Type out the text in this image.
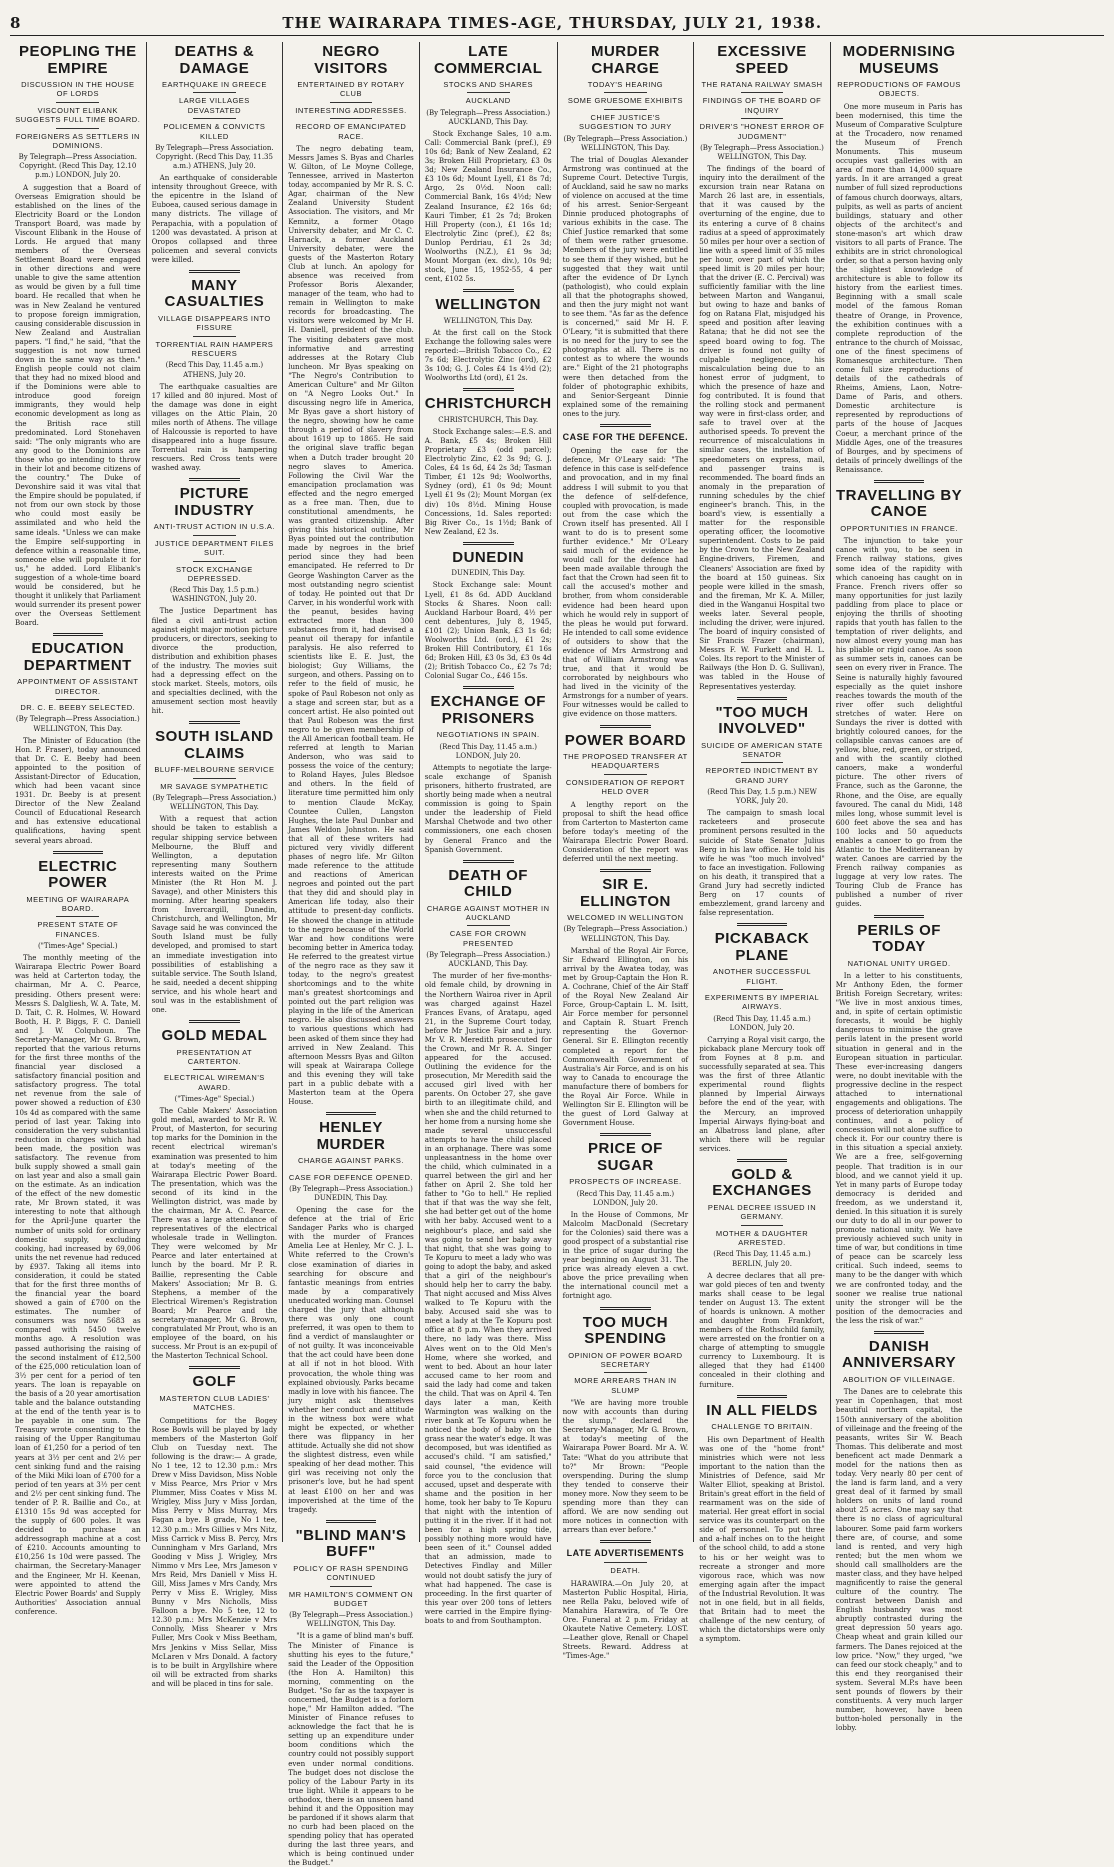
8	THE WAIRARAPA TIMES-AGE, THURSDAY, JULY 21, 1938.
PEOPLING THE EMPIRE
DISCUSSION IN THE HOUSE OF LORDS
VISCOUNT ELIBANK SUGGESTS FULL TIME BOARD.
FOREIGNERS AS SETTLERS IN DOMINIONS.
By Telegraph—Press Association. Copyright. (Recd This Day, 12.10 p.m.) LONDON, July 20.

A suggestion that a Board of Overseas Emigration should be established on the lines of the Electricity Board or the London Transport Board, was made by Viscount Elibank in the House of Lords. He argued that many members of the Overseas Settlement Board were engaged in other directions and were unable to give the same attention as would be given by a full time board. He recalled that when he was in New Zealand he ventured to propose foreign immigration, causing considerable discussion in New Zealand and Australian papers. "I find," he said, "that the suggestion is not now turned down in the same way as then." English people could not claim that they had no mixed blood and if the Dominions were able to introduce good foreign immigrants, they would help economic development as long as the British race still predominated. Lord Stonehaven said: "The only migrants who are any good to the Dominions are those who go intending to throw in their lot and become citizens of the country." The Duke of Devonshire said it was vital that the Empire should be populated, if not from our own stock by those who could most easily be assimilated and who held the same ideals. "Unless we can make the Empire self-supporting in defence within a reasonable time, someone else will populate it for us," he added. Lord Elibank's suggestion of a whole-time board would be considered, but he thought it unlikely that Parliament would surrender its present power over the Overseas Settlement Board.

EDUCATION DEPARTMENT
APPOINTMENT OF ASSISTANT DIRECTOR.
DR. C. E. BEEBY SELECTED.
(By Telegraph—Press Association.) WELLINGTON, This Day.

The Minister of Education (the Hon. P. Fraser), today announced that Dr. C. E. Beeby had been appointed to the position of Assistant-Director of Education, which had been vacant since 1931. Dr. Beeby is at present Director of the New Zealand Council of Educational Research and has extensive educational qualifications, having spent several years abroad.

ELECTRIC POWER
MEETING OF WAIRARAPA BOARD.
PRESENT STATE OF FINANCES.
("Times-Age" Special.)

The monthly meeting of the Wairarapa Electric Power Board was held at Carterton today, the chairman, Mr A. C. Pearce, presiding. Others present were: Messrs S. Dalgliesh, W. A. Tate, M. D. Tait, C. R. Holmes, W. Howard Booth, H. P. Biggs, F. C. Daniell and J. W. Colquhoun. The Secretary-Manager, Mr G. Brown, reported that the various returns for the first three months of the financial year disclosed a satisfactory financial position and satisfactory progress. The total net revenue from the sale of power showed a reduction of £30 10s 4d as compared with the same period of last year. Taking into consideration the very substantial reduction in charges which had been made, the position was satisfactory. The revenue from bulk supply showed a small gain on last year and also a small gain on the estimate. As an indication of the effect of the new domestic rate, Mr Brown stated, it was interesting to note that although for the April-June quarter the number of units sold for ordinary domestic supply, excluding cooking, had increased by 69,006 units the net revenue had reduced by £937. Taking all items into consideration, it could be stated that for the first three months of the financial year the board showed a gain of £700 on the estimates. The number of consumers was now 5683 as compared with 5450 twelve months ago. A resolution was passed authorising the raising of the second instalment of £12,500 of the £25,000 reticulation loan of 3½ per cent for a period of ten years. The loan is repayable on the basis of a 20 year amortisation table and the balance outstanding at the end of the tenth year is to be payable in one sum. The Treasury wrote consenting to the raising of the Upper Rangitumau loan of £1,250 for a period of ten years at 3½ per cent and 2½ per cent sinking fund and the raising of the Miki Miki loan of £700 for a period of ten years at 3½ per cent and 2½ per cent sinking fund. The tender of P. R. Baillie and Co., at £1310 15s 9d was accepted for the supply of 600 poles. It was decided to purchase an addressograph machine at a cost of £210. Accounts amounting to £10,256 1s 10d were passed. The chairman, the Secretary-Manager and the Engineer, Mr H. Keenan, were appointed to attend the Electric Power Boards' and Supply Authorities' Association annual conference.

DEATHS & DAMAGE
EARTHQUAKE IN GREECE
LARGE VILLAGES DEVASTATED
POLICEMEN & CONVICTS KILLED
By Telegraph—Press Association. Copyright. (Recd This Day, 11.35 a.m.) ATHENS, July 20.

An earthquake of considerable intensity throughout Greece, with the epicentre in the Island of Euboea, caused serious damage in many districts. The village of Perapachia, with a population of 1200 was devastated. A prison at Oropos collapsed and three policemen and several convicts were killed.

MANY CASUALTIES
VILLAGE DISAPPEARS INTO FISSURE
TORRENTIAL RAIN HAMPERS RESCUERS
(Recd This Day, 11.45 a.m.) ATHENS, July 20.

The earthquake casualties are 17 killed and 80 injured. Most of the damage was done in eight villages on the Attic Plain, 20 miles north of Athens. The village of Halcoussie is reported to have disappeared into a huge fissure. Torrential rain is hampering rescuers. Red Cross tents were washed away.

PICTURE INDUSTRY
ANTI-TRUST ACTION IN U.S.A.
JUSTICE DEPARTMENT FILES SUIT.
STOCK EXCHANGE DEPRESSED.
(Recd This Day, 1.5 p.m.) WASHINGTON, July 20.

The Justice Department has filed a civil anti-trust action against eight major motion picture producers, or directors, seeking to divorce the production, distribution and exhibition phases of the industry. The movies suit had a depressing effect on the stock market. Steels, motors, oils and specialties declined, with the amusement section most heavily hit.

SOUTH ISLAND CLAIMS
BLUFF-MELBOURNE SERVICE
MR SAVAGE SYMPATHETIC
(By Telegraph—Press Association.) WELLINGTON, This Day.

With a request that action should be taken to establish a regular shipping service between Melbourne, the Bluff and Wellington, a deputation representing many Southern interests waited on the Prime Minister (the Rt Hon M. J. Savage), and other Ministers this morning. After hearing speakers from Invercargill, Dunedin, Christchurch, and Wellington, Mr Savage said he was convinced the South Island must be fully developed, and promised to start an immediate investigation into possibilities of establishing a suitable service. The South Island, he said, needed a decent shipping service, and his whole heart and soul was in the establishment of one.

GOLD MEDAL
PRESENTATION AT CARTERTON.
ELECTRICAL WIREMAN'S AWARD.
("Times-Age" Special.)

The Cable Makers' Association gold medal, awarded to Mr R. W. Prout, of Masterton, for securing top marks for the Dominion in the recent electrical wireman's examination was presented to him at today's meeting of the Wairarapa Electric Power Board. The presentation, which was the second of its kind in the Wellington district, was made by the chairman, Mr A. C. Pearce. There was a large attendance of representatives of the electrical wholesale trade in Wellington. They were welcomed by Mr Pearce and later entertained at lunch by the board. Mr P. R. Baillie, representing the Cable Makers' Association; Mr B. G. Stephens, a member of the Electrical Wiremen's Registration Board; Mr Pearce and the secretary-manager, Mr G. Brown, congratulated Mr Prout, who is an employee of the board, on his success. Mr Prout is an ex-pupil of the Masterton Technical School.

GOLF
MASTERTON CLUB LADIES' MATCHES.

Competitions for the Bogey Rose Bowls will be played by lady members of the Masterton Golf Club on Tuesday next. The following is the draw:— A grade, No 1 tee, 12 to 12.30 p.m.: Mrs Drew v Miss Davidson, Miss Noble v Miss Pearce, Mrs Prior v Mrs Plummer, Miss Coates v Miss M. Wrigley, Miss Jury v Miss Jordan, Miss Perry v Miss Murray, Mrs Fagan a bye. B grade, No 1 tee, 12.30 p.m.: Mrs Gillies v Mrs Nitz, Miss Carrick v Miss B. Percy, Mrs Cunningham v Mrs Garland, Mrs Gooding v Miss J. Wrigley, Mrs Nimmo v Mrs Lee, Mrs Jameson v Mrs Reid, Mrs Daniell v Miss H. Gill, Miss James v Mrs Candy, Mrs Perry v Miss E. Wrigley, Miss Bunny v Mrs Nicholls, Miss Falloon a bye. No 5 tee, 12 to 12.30 p.m.: Mrs McKenzie v Mrs Connolly, Miss Shearer v Mrs Fuller, Mrs Cook v Miss Beetham, Mrs Jenkins v Miss Sellar, Miss McLaren v Mrs Donald. A factory is to be built in Argyllshire where oil will be extracted from sharks and will be placed in tins for sale.

NEGRO VISITORS
ENTERTAINED BY ROTARY CLUB
INTERESTING ADDRESSES.
RECORD OF EMANCIPATED RACE.

The negro debating team, Messrs James S. Byas and Charles W. Gilton, of Le Moyne College, Tennessee, arrived in Masterton today, accompanied by Mr R. S. C. Agar, chairman of the New Zealand University Student Association. The visitors, and Mr Kemnitz, a former Otago University debater, and Mr C. C. Harnack, a former Auckland University debater, were the guests of the Masterton Rotary Club at lunch. An apology for absence was received from Professor Boris Alexander, manager of the team, who had to remain in Wellington to make records for broadcasting. The visitors were welcomed by Mr H. H. Daniell, president of the club. The visiting debaters gave most informative and arresting addresses at the Rotary Club luncheon. Mr Byas speaking on "The Negro's Contribution to American Culture" and Mr Gilton on "A Negro Looks Out." In discussing negro life in America, Mr Byas gave a short history of the negro, showing how he came through a period of slavery from about 1619 up to 1865. He said the original slave traffic began when a Dutch trader brought 20 negro slaves to America. Following the Civil War the emancipation proclamation was effected and the negro emerged as a free man. Then, due to constitutional amendments, he was granted citizenship. After giving this historical outline, Mr Byas pointed out the contribution made by negroes in the brief period since they had been emancipated. He referred to Dr George Washington Carver as the most outstanding negro scientist of today. He pointed out that Dr Carver, in his wonderful work with the peanut, besides having extracted more than 300 substances from it, had devised a peanut oil therapy for infantile paralysis. He also referred to scientists like E. E. Just, the biologist; Guy Williams, the surgeon, and others. Passing on to refer to the field of music, he spoke of Paul Robeson not only as a stage and screen star, but as a concert artist. He also pointed out that Paul Robeson was the first negro to be given membership of the All American football team. He referred at length to Marian Anderson, who was said to possess the voice of the century; to Roland Hayes, Jules Bledsoe and others. In the field of literature time permitted him only to mention Claude McKay, Countee Cullen, Langston Hughes, the late Paul Dunbar and James Weldon Johnston. He said that all of these writers had pictured very vividly different phases of negro life. Mr Gilton made reference to the attitude and reactions of American negroes and pointed out the part that they did and should play in American life today, also their attitude to present-day conflicts. He showed the change in attitude to the negro because of the World War and how conditions were becoming better in America today. He referred to the greatest virtue of the negro race as they saw it today, to the negro's greatest shortcomings and to the white man's greatest shortcomings and pointed out the part religion was playing in the life of the American negro. He also discussed answers to various questions which had been asked of them since they had arrived in New Zealand. This afternoon Messrs Byas and Gilton will speak at Wairarapa College and this evening they will take part in a public debate with a Masterton team at the Opera House.

HENLEY MURDER
CHARGE AGAINST PARKS.
CASE FOR DEFENCE OPENED.
(By Telegraph—Press Association.) DUNEDIN, This Day.

Opening the case for the defence at the trial of Eric Sandager Parks who is charged with the murder of Frances Amelia Lee at Henley, Mr C. J. L. White referred to the Crown's close examination of diaries in searching for obscure and fantastic meanings from entries made by a comparatively uneducated working man. Counsel charged the jury that although there was only one count preferred, it was open to them to find a verdict of manslaughter or of not guilty. It was inconceivable that the act could have been done at all if not in hot blood. With provocation, the whole thing was explained obviously. Parks became madly in love with his fiancee. The jury might ask themselves whether her conduct and attitude in the witness box were what might be expected, or whether there was flippancy in her attitude. Actually she did not show the slightest distress, even while speaking of her dead mother. This girl was receiving not only the prisoner's love, but he had spent at least £100 on her and was impoverished at the time of the tragedy.

"BLIND MAN'S BUFF"
POLICY OF RASH SPENDING CONTINUED
MR HAMILTON'S COMMENT ON BUDGET
(By Telegraph—Press Association.) WELLINGTON, This Day.

"It is a game of blind man's buff. The Minister of Finance is shutting his eyes to the future," said the Leader of the Opposition (the Hon A. Hamilton) this morning, commenting on the Budget. "So far as the taxpayer is concerned, the Budget is a forlorn hope," Mr Hamilton added. "The Minister of Finance refuses to acknowledge the fact that he is setting up an expenditure under boom conditions which the country could not possibly support even under normal conditions. The budget does not disclose the policy of the Labour Party in its true light. While it appears to be orthodox, there is an unseen hand behind it and the Opposition may be pardoned if it shows alarm that no curb had been placed on the spending policy that has operated during the last three years, and which is being continued under the Budget."

LATE COMMERCIAL
STOCKS AND SHARES
AUCKLAND
(By Telegraph—Press Association.) AUCKLAND, This Day.

Stock Exchange Sales, 10 a.m. Call: Commercial Bank (pref.), £9 10s 6d; Bank of New Zealand, £2 3s; Broken Hill Proprietary, £3 0s 3d; New Zealand Insurance Co., £3 10s 6d; Mount Lyell, £1 8s 7d; Argo, 2s 0½d. Noon call: Commercial Bank, 16s 4½d; New Zealand Insurance, £2 16s 6d; Kauri Timber, £1 2s 7d; Broken Hill Property (con.), £1 16s 1d; Electrolytic Zinc (pref.), £2 8s; Dunlop Perdriau, £1 2s 3d; Woolworths (N.Z.), £1 9s 3d; Mount Morgan (ex. div.), 10s 9d; stock, June 15, 1952-55, 4 per cent, £102 5s.

WELLINGTON
WELLINGTON, This Day.

At the first call on the Stock Exchange the following sales were reported:—British Tobacco Co., £2 7s 6d; Electrolytic Zinc (ord), £2 3s 10d; G. J. Coles £4 1s 4½d (2); Woolworths Ltd (ord), £1 2s.

CHRISTCHURCH
CHRISTCHURCH, This Day.

Stock Exchange sales:—E.S. and A. Bank, £5 4s; Broken Hill Proprietary £3 (odd parcel); Electrolytic Zinc, £2 3s 9d; G. J. Coles, £4 1s 6d, £4 2s 3d; Tasman Timber, £1 12s 9d; Woolworths, Sydney (ord), £1 0s 9d; Mount Lyell £1 9s (2); Mount Morgan (ex div) 10s 8½d. Mining House Concessions, 1d. Sales reported: Big River Co., 1s 1½d; Bank of New Zealand, £2 3s.

DUNEDIN
DUNEDIN, This Day.

Stock Exchange sale: Mount Lyell, £1 8s 6d. ADD Auckland Stocks & Shares. Noon call: Auckland Harbour Board, 4½ per cent debentures, July 8, 1945, £101 (2); Union Bank, £3 1s 6d; Woolworths Ltd. (ord.), £1 2s; Broken Hill Contributory, £1 16s 6d; Broken Hill, £3 0s 3d, £3 0s 4d (2); British Tobacco Co., £2 7s 7d; Colonial Sugar Co., £46 15s.

EXCHANGE OF PRISONERS
NEGOTIATIONS IN SPAIN.
(Recd This Day, 11.45 a.m.) LONDON, July 20.

Attempts to negotiate the large-scale exchange of Spanish prisoners, hitherto frustrated, are shortly being made when a neutral commission is going to Spain under the leadership of Field Marshal Chetwode and two other commissioners, one each chosen by General Franco and the Spanish Government.

DEATH OF CHILD
CHARGE AGAINST MOTHER IN AUCKLAND
CASE FOR CROWN PRESENTED
(By Telegraph—Press Association.) AUCKLAND, This Day.

The murder of her five-months-old female child, by drowning in the Northern Wairoa river in April was charged against Hazel Frances Evans, of Aratapu, aged 21, in the Supreme Court today, before Mr Justice Fair and a jury. Mr V. R. Meredith prosecuted for the Crown, and Mr R. A. Singer appeared for the accused. Outlining the evidence for the prosecution, Mr Meredith said the accused girl lived with her parents. On October 27, she gave birth to an illegitimate child, and when she and the child returned to her home from a nursing home she made several unsuccessful attempts to have the child placed in an orphanage. There was some unpleasantness in the home over the child, which culminated in a quarrel between the girl and her father on April 2. She told her father to "Go to hell." He replied that if that was the way she felt, she had better get out of the home with her baby. Accused went to a neighbour's place, and said she was going to send her baby away that night, that she was going to Te Kopuru to meet a lady who was going to adopt the baby, and asked that a girl of the neighbour's should help her to carry the baby. That night accused and Miss Alves walked to Te Kopuru with the baby. Accused said she was to meet a lady at the Te Kopuru post office at 8 p.m. When they arrived there, no lady was there. Miss Alves went on to the Old Men's Home, where she worked, and went to bed. About an hour later accused came to her room and said the lady had come and taken the child. That was on April 4. Ten days later a man, Keith Warmington was walking on the river bank at Te Kopuru when he noticed the body of baby on the grass near the water's edge. It was decomposed, but was identified as accused's child. "I am satisfied," said counsel, "the evidence will force you to the conclusion that accused, upset and desperate with shame and the position in her home, took her baby to Te Kopuru that night with the intention of putting it in the river. If it had not been for a high spring tide, possibly nothing more would have been seen of it." Counsel added that an admission, made to Detectives Findlay and Miller would not doubt satisfy the jury of what had happened. The case is proceeding. In the first quarter of this year over 200 tons of letters were carried in the Empire flying-boats to and from Southampton.

MURDER CHARGE
TODAY'S HEARING
SOME GRUESOME EXHIBITS
CHIEF JUSTICE'S SUGGESTION TO JURY
(By Telegraph—Press Association.) WELLINGTON, This Day.

The trial of Douglas Alexander Armstrong was continued at the Supreme Court. Detective Turgis, of Auckland, said he saw no marks of violence on accused at the time of his arrest. Senior-Sergeant Dinnie produced photographs of various exhibits in the case. The Chief Justice remarked that some of them were rather gruesome. Members of the jury were entitled to see them if they wished, but he suggested that they wait until after the evidence of Dr Lynch (pathologist), who could explain all that the photographs showed, and then the jury might not want to see them. "As far as the defence is concerned," said Mr H. F. O'Leary, "it is submitted that there is no need for the jury to see the photographs at all. There is no contest as to where the wounds are." Eight of the 21 photographs were then detached from the folder of photographic exhibits, and Senior-Sergeant Dinnie explained some of the remaining ones to the jury.

CASE FOR THE DEFENCE.

Opening the case for the defence, Mr O'Leary said: "The defence in this case is self-defence and provocation, and in my final address I will submit to you that the defence of self-defence, coupled with provocation, is made out from the case which the Crown itself has presented. All I want to do is to present some further evidence." Mr O'Leary said much of the evidence he would call for the defence had been made available through the fact that the Crown had seen fit to call the accused's mother and brother, from whom considerable evidence had been heard upon which he would rely in support of the pleas he would put forward. He intended to call some evidence of outsiders to show that the evidence of Mrs Armstrong and that of William Armstrong was true, and that it would be corroborated by neighbours who had lived in the vicinity of the Armstrongs for a number of years. Four witnesses would be called to give evidence on those matters.

POWER BOARD
THE PROPOSED TRANSFER AT HEADQUARTERS
CONSIDERATION OF REPORT HELD OVER

A lengthy report on the proposal to shift the head office from Carterton to Masterton came before today's meeting of the Wairarapa Electric Power Board. Consideration of the report was deferred until the next meeting.

SIR E. ELLINGTON
WELCOMED IN WELLINGTON
(By Telegraph—Press Association.) WELLINGTON, This Day.

Marshal of the Royal Air Force, Sir Edward Ellington, on his arrival by the Awatea today, was met by Group-Captain the Hon R. A. Cochrane, Chief of the Air Staff of the Royal New Zealand Air Force, Group-Captain L. M. Isitt, Air Force member for personnel and Captain R. Stuart French representing the Governor-General. Sir E. Ellington recently completed a report for the Commonwealth Government of Australia's Air Force, and is on his way to Canada to encourage the manufacture there of bombers for the Royal Air Force. While in Wellington Sir E. Ellington will be the guest of Lord Galway at Government House.

PRICE OF SUGAR
PROSPECTS OF INCREASE.
(Recd This Day, 11.45 a.m.) LONDON, July 20.

In the House of Commons, Mr Malcolm MacDonald (Secretary for the Colonies) said there was a good prospect of a substantial rise in the price of sugar during the year beginning on August 31. The price was already eleven a cwt. above the price prevailing when the international council met a fortnight ago.

TOO MUCH SPENDING
OPINION OF POWER BOARD SECRETARY
MORE ARREARS THAN IN SLUMP

"We are having more trouble now with accounts than during the slump," declared the Secretary-Manager, Mr G. Brown, at today's meeting of the Wairarapa Power Board. Mr A. W. Tate: "What do you attribute that to?" Mr Brown: "People overspending. During the slump they tended to conserve their money more. Now they seem to be spending more than they can afford. We are now sending out more notices in connection with arrears than ever before."

LATE ADVERTISEMENTS
DEATH.

HARAWIRA.—On July 20, at Masterton Public Hospital, Hiria, nee Rella Paku, beloved wife of Manahira Harawira, of Te Ore Ore. Funeral at 2 p.m. Friday at Okautete Native Cemetery. LOST.—Leather glove, Renall or Chapel Streets. Reward. Address at "Times-Age."

EXCESSIVE SPEED
THE RATANA RAILWAY SMASH
FINDINGS OF THE BOARD OF INQUIRY
DRIVER'S "HONEST ERROR OF JUDGMENT"
(By Telegraph—Press Association.) WELLINGTON, This Day.

The findings of the board of inquiry into the derailment of the excursion train near Ratana on March 26 last are, in essentials, that it was caused by the overturning of the engine, due to its entering a curve of 8 chains radius at a speed of approximately 50 miles per hour over a section of line with a speed limit of 35 miles per hour, over part of which the speed limit is 20 miles per hour; that the driver (E. C. Percival) was sufficiently familiar with the line between Marton and Wanganui, but owing to haze and banks of fog on Ratana Flat, misjudged his speed and position after leaving Ratana; that he did not see the speed board owing to fog. The driver is found not guilty of culpable negligence, his miscalculation being due to an honest error of judgment, to which the presence of haze and fog contributed. It is found that the rolling stock and permanent way were in first-class order, and safe to travel over at the authorised speeds. To prevent the recurrence of miscalculations in similar cases, the installation of speedometers on express, mail, and passenger trains is recommended. The board finds an anomaly in the preparation of running schedules by the chief engineer's branch. This, in the board's view, is essentially a matter for the responsible operating officer, the locomotive superintendent. Costs to be paid by the Crown to the New Zealand Engine-drivers, Firemen, and Cleaners' Association are fixed by the board at 150 guineas. Six people were killed in the smash, and the fireman, Mr K. A. Miller, died in the Wanganui Hospital two weeks later. Several people, including the driver, were injured. The board of inquiry consisted of Sir Francis Frazer (chairman), Messrs F. W. Furkett and H. L. Coles. Its report to the Minister of Railways (the Hon D. G. Sullivan), was tabled in the House of Representatives yesterday.

"TOO MUCH INVOLVED"
SUICIDE OF AMERICAN STATE SENATOR
REPORTED INDICTMENT BY GRAND JURY
(Recd This Day, 1.5 p.m.) NEW YORK, July 20.

The campaign to smash local racketeers and prosecute prominent persons resulted in the suicide of State Senator Julius Berg in his law office. He told his wife he was "too much involved" to face an investigation. Following on his death, it transpired that a Grand Jury had secretly indicted Berg on 17 counts of embezzlement, grand larceny and false representation.

PICKABACK PLANE
ANOTHER SUCCESSFUL FLIGHT.
EXPERIMENTS BY IMPERIAL AIRWAYS.
(Recd This Day, 11.45 a.m.) LONDON, July 20.

Carrying a Royal visit cargo, the pickaback plane Mercury took off from Foynes at 8 p.m. and successfully separated at sea. This was the first of three Atlantic experimental round flights planned by Imperial Airways before the end of the year, with the Mercury, an improved Imperial Airways flying-boat and an Albatross land plane, after which there will be regular services.

GOLD & EXCHANGES
PENAL DECREE ISSUED IN GERMANY.
MOTHER & DAUGHTER ARRESTED.
(Recd This Day, 11.45 a.m.) BERLIN, July 20.

A decree declares that all pre-war gold pieces of ten and twenty marks shall cease to be legal tender on August 13. The extent of hoards is unknown. A mother and daughter from Frankfort, members of the Rothschild family, were arrested on the frontier on a charge of attempting to smuggle currency to Luxembourg. It is alleged that they had £1400 concealed in their clothing and furniture.

IN ALL FIELDS
CHALLENGE TO BRITAIN.

His own Department of Health was one of the "home front" ministries which were not less important to the nation than the Ministries of Defence, said Mr Walter Elliot, speaking at Bristol. Britain's great effort in the field of rearmament was on the side of material. Her great effort in social service was its counterpart on the side of personnel. To put three and a-half inches on to the height of the school child, to add a stone to his or her weight was to recreate a stronger and more vigorous race, which was now emerging again after the impact of the Industrial Revolution. It was not in one field, but in all fields, that Britain had to meet the challenge of the new century, of which the dictatorships were only a symptom.

MODERNISING MUSEUMS
REPRODUCTIONS OF FAMOUS OBJECTS.

One more museum in Paris has been modernised, this time the Museum of Comparative Sculpture at the Trocadero, now renamed the Museum of French Monuments. This museum occupies vast galleries with an area of more than 14,000 square yards. In it are arranged a great number of full sized reproductions of famous church doorways, altars, pulpits, as well as parts of ancient buildings, statuary and other objects of the architect's and stone-mason's art which draw visitors to all parts of France. The exhibits are in strict chronological order, so that a person having only the slightest knowledge of architecture is able to follow its history from the earliest times. Beginning with a small scale model of the famous Roman theatre of Orange, in Provence, the exhibition continues with a complete reproduction of the entrance to the church of Moissac, one of the finest specimens of Romanesque architecture. Then come full size reproductions of details of the cathedrals of Rheims, Amiens, Laon, Notre-Dame of Paris, and others. Domestic architecture is represented by reproductions of parts of the house of Jacques Coeur, a merchant prince of the Middle Ages, one of the treasures of Bourges, and by specimens of details of princely dwellings of the Renaissance.

TRAVELLING BY CANOE
OPPORTUNITIES IN FRANCE.

The injunction to take your canoe with you, to be seen in French railway stations, gives some idea of the rapidity with which canoeing has caught on in France. French rivers offer so many opportunities for just lazily paddling from place to place or enjoying the thrills of shooting rapids that youth has fallen to the temptation of river delights, and now almost every young man has his pliable or rigid canoe. As soon as summer sets in, canoes can be seen on every river in France. The Seine is naturally highly favoured especially as the quiet inshore reaches towards the mouth of the river offer such delightful stretches of water. Here on Sundays the river is dotted with brightly coloured canoes, for the collapsible canvas canoes are of yellow, blue, red, green, or striped, and with the scantily clothed canoers, make a wonderful picture. The other rivers of France, such as the Garonne, the Rhone, and the Oise, are equally favoured. The canal du Midi, 148 miles long, whose summit level is 600 feet above the sea and has 100 locks and 50 aqueducts enables a canoer to go from the Atlantic to the Mediterranean by water. Canoes are carried by the French railway companies as luggage at very low rates. The Touring Club de France has published a number of river guides.

PERILS OF TODAY
NATIONAL UNITY URGED.

In a letter to his constituents, Mr Anthony Eden, the former British Foreign Secretary, writes: "We live in most anxious times, and, in spite of certain optimistic forecasts, it would be highly dangerous to minimise the grave perils latent in the present world situation in general and in the European situation in particular. These ever-increasing dangers were, no doubt inevitable with the progressive decline in the respect attached to international engagements and obligations. The process of deterioration unhappily continues, and a policy of concession will not alone suffice to check it. For our country there is in this situation a special anxiety. We are a free, self-governing people. That tradition is in our blood, and we cannot yield it up. Yet in many parts of Europe today democracy is derided and freedom, as we understand it, denied. In this situation it is surely our duty to do all in our power to promote national unity. We have previously achieved such unity in time of war, but conditions in time of peace can be scarcely less critical. Such indeed, seems to many to be the danger with which we are confronted today, and the sooner we realise true national unity the stronger will be the position of the democracies and the less the risk of war."

DANISH ANNIVERSARY
ABOLITION OF VILLEINAGE.

The Danes are to celebrate this year in Copenhagen, that most beautiful northern capital, the 150th anniversary of the abolition of villeinage and the freeing of the peasants, writes Sir W. Beach Thomas. This deliberate and most beneficent act made Denmark a model for the nations then as today. Very nearly 80 per cent of the land is farm land, and a very great deal of it farmed by small holders on units of land round about 25 acres. One may say that there is no class of agricultural labourer. Some paid farm workers there are, of course, and some land is rented, and very high rented; but the men whom we should call smallholders are the master class, and they have helped magnificently to raise the general culture of the country. The contrast between Danish and English husbandry was most abruptly contrasted during the great depression 50 years ago. Cheap wheat and grain killed our farmers. The Danes rejoiced at the low price. "Now," they urged, "we can feed our stock cheaply," and to this end they reorganised their system. Several M.P.s have been sent pounds of flowers by their constituents. A very much larger number, however, have been button-holed personally in the lobby.
